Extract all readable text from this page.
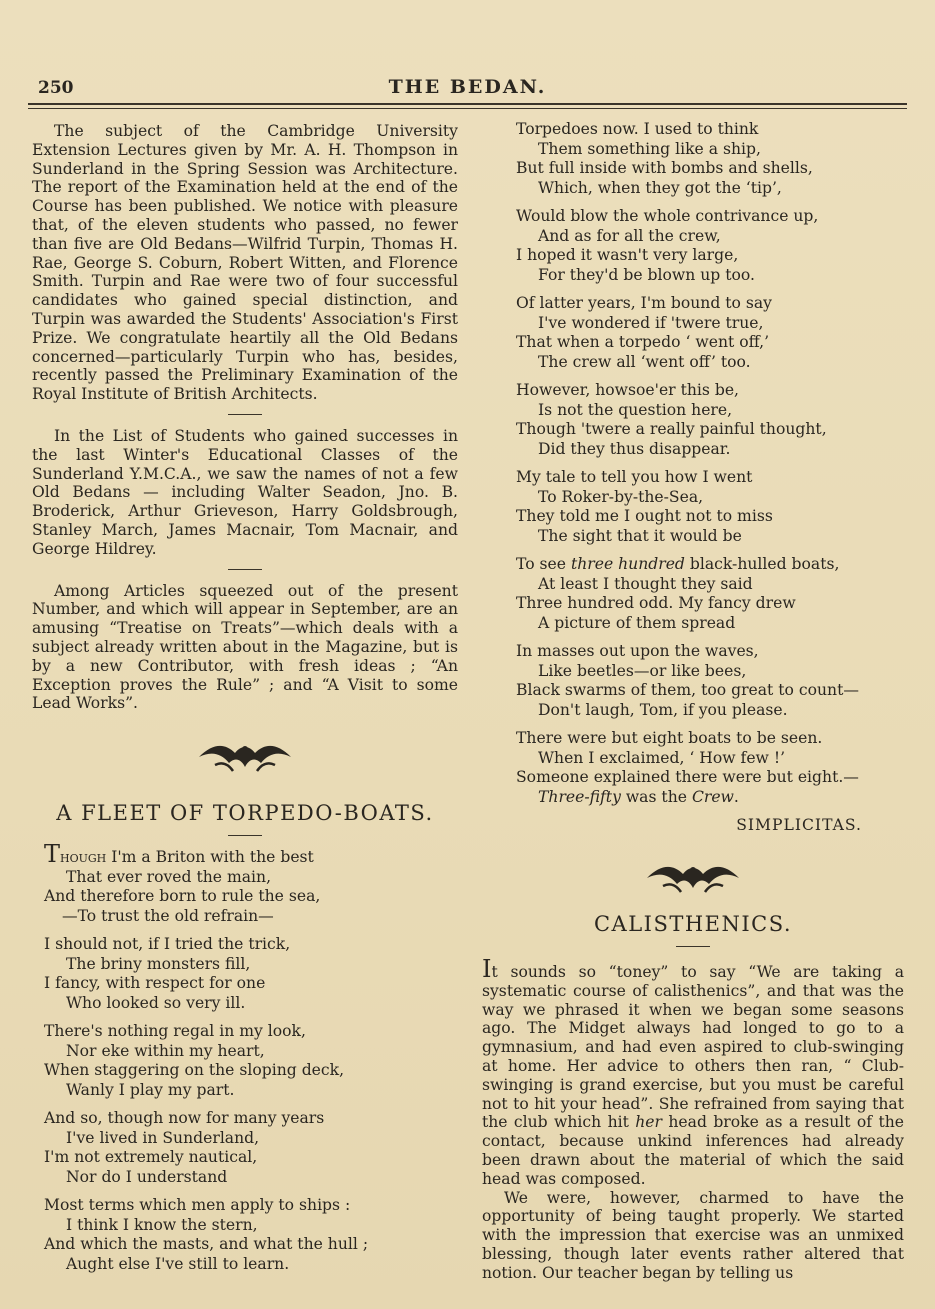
250	THE BEDAN.

The subject of the Cambridge University Extension Lectures given by Mr. A. H. Thompson in Sunderland in the Spring Session was Architecture. The report of the Examination held at the end of the Course has been published. We notice with pleasure that, of the eleven students who passed, no fewer than five are Old Bedans—Wilfrid Turpin, Thomas H. Rae, George S. Coburn, Robert Witten, and Florence Smith. Turpin and Rae were two of four successful candidates who gained special distinction, and Turpin was awarded the Students' Association's First Prize. We congratulate heartily all the Old Bedans concerned—particularly Turpin who has, besides, recently passed the Preliminary Examination of the Royal Institute of British Architects.

In the List of Students who gained successes in the last Winter's Educational Classes of the Sunderland Y.M.C.A., we saw the names of not a few Old Bedans — including Walter Seadon, Jno. B. Broderick, Arthur Grieveson, Harry Goldsbrough, Stanley March, James Macnair, Tom Macnair, and George Hildrey.

Among Articles squeezed out of the present Number, and which will appear in September, are an amusing “Treatise on Treats”—which deals with a subject already written about in the Magazine, but is by a new Contributor, with fresh ideas ; “An Exception proves the Rule” ; and “A Visit to some Lead Works”.

A FLEET OF TORPEDO-BOATS.
Though I'm a Briton with the best
That ever roved the main,
And therefore born to rule the sea,
—To trust the old refrain—
I should not, if I tried the trick,
The briny monsters fill,
I fancy, with respect for one
Who looked so very ill.
There's nothing regal in my look,
Nor eke within my heart,
When staggering on the sloping deck,
Wanly I play my part.
And so, though now for many years
I've lived in Sunderland,
I'm not extremely nautical,
Nor do I understand
Most terms which men apply to ships :
I think I know the stern,
And which the masts, and what the hull ;
Aught else I've still to learn.
Torpedoes now. I used to think
Them something like a ship,
But full inside with bombs and shells,
Which, when they got the ‘tip’,
Would blow the whole contrivance up,
And as for all the crew,
I hoped it wasn't very large,
For they'd be blown up too.
Of latter years, I'm bound to say
I've wondered if 'twere true,
That when a torpedo ‘ went off,’
The crew all ‘went off’ too.
However, howsoe'er this be,
Is not the question here,
Though 'twere a really painful thought,
Did they thus disappear.
My tale to tell you how I went
To Roker-by-the-Sea,
They told me I ought not to miss
The sight that it would be
To see three hundred black-hulled boats,
At least I thought they said
Three hundred odd. My fancy drew
A picture of them spread
In masses out upon the waves,
Like beetles—or like bees,
Black swarms of them, too great to count—
Don't laugh, Tom, if you please.
There were but eight boats to be seen.
When I exclaimed, ‘ How few !’
Someone explained there were but eight.—
Three-fifty was the Crew.
SIMPLICITAS.
CALISTHENICS.

It sounds so “toney” to say “We are taking a systematic course of calisthenics”, and that was the way we phrased it when we began some seasons ago. The Midget always had longed to go to a gymnasium, and had even aspired to club-swinging at home. Her advice to others then ran, “ Club-swinging is grand exercise, but you must be careful not to hit your head”. She refrained from saying that the club which hit her head broke as a result of the contact, because unkind inferences had already been drawn about the material of which the said head was composed.

We were, however, charmed to have the opportunity of being taught properly. We started with the impression that exercise was an unmixed blessing, though later events rather altered that notion. Our teacher began by telling us
